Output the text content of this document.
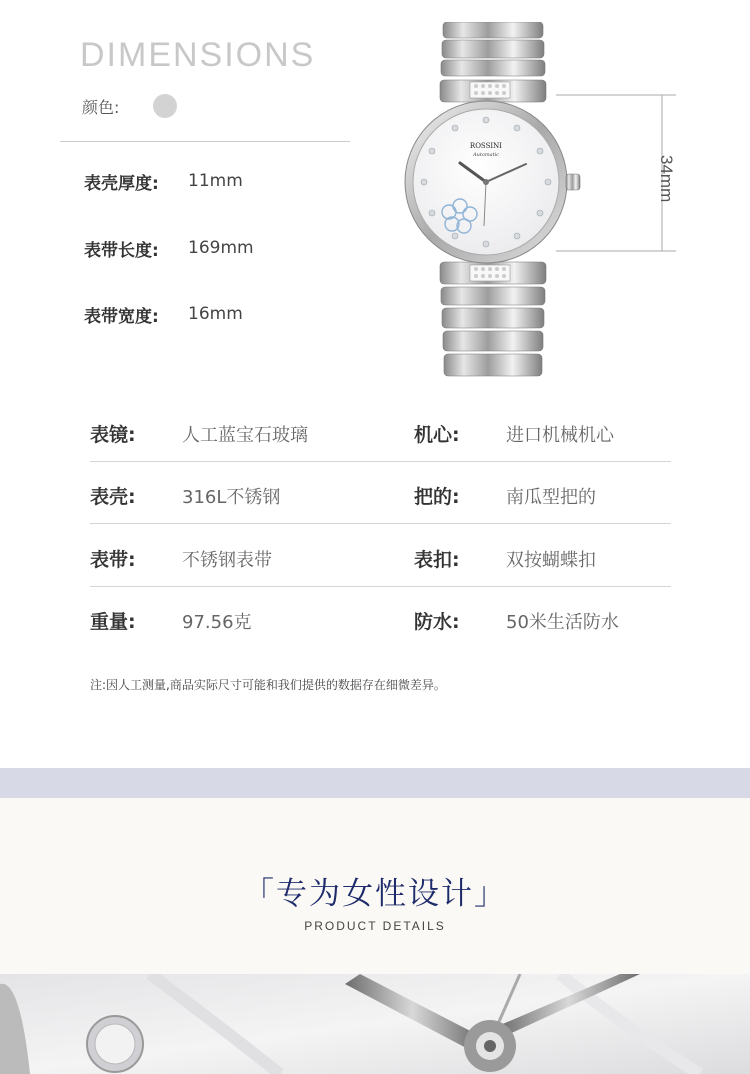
DIMENSIONS
颜色:
表壳厚度:	11mm
表带长度:	169mm
表带宽度:	16mm
ROSSINI
Automatic	34mm
表镜:	人工蓝宝石玻璃	机心:	进口机械机心
表壳:	316L不锈钢	把的:	南瓜型把的
表带:	不锈钢表带	表扣:	双按蝴蝶扣
重量:	97.56克	防水:	50米生活防水
注:因人工测量,商品实际尺寸可能和我们提供的数据存在细微差异。
「专为女性设计」
PRODUCT DETAILS
